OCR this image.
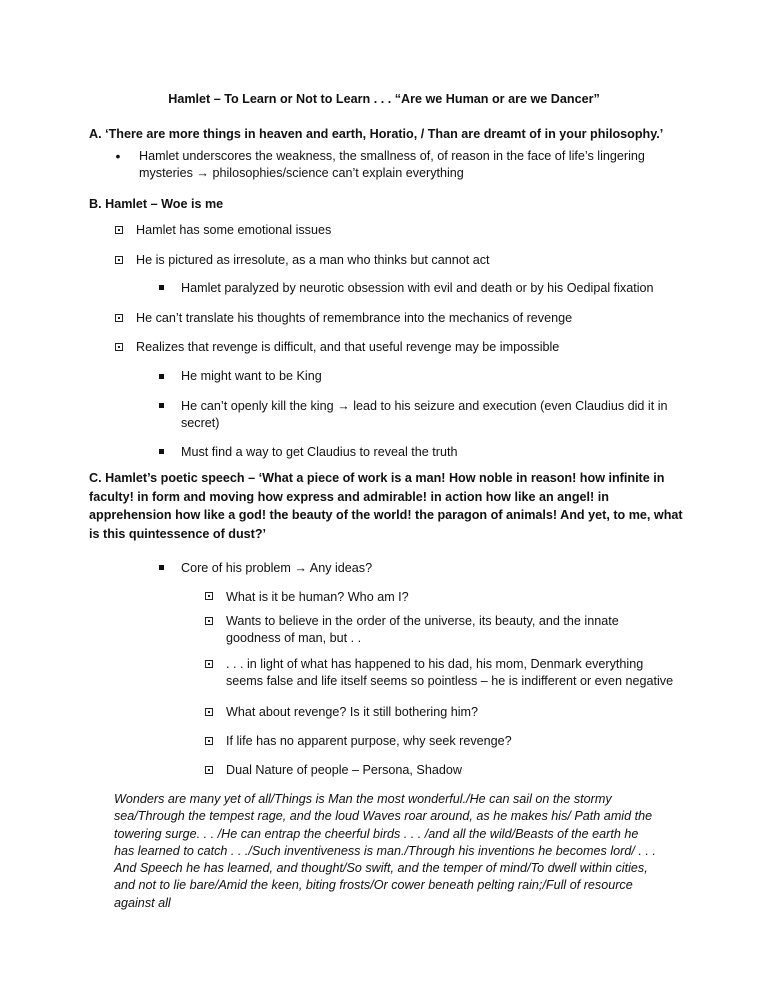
Hamlet – To Learn or Not to Learn . . . “Are we Human or are we Dancer”
A. ‘There are more things in heaven and earth, Horatio, / Than are dreamt of in your philosophy.’
• Hamlet underscores the weakness, the smallness of, of reason in the face of life’s lingering mysteries → philosophies/science can’t explain everything
B. Hamlet – Woe is me
Hamlet has some emotional issues
He is pictured as irresolute, as a man who thinks but cannot act
Hamlet paralyzed by neurotic obsession with evil and death or by his Oedipal fixation
He can’t translate his thoughts of remembrance into the mechanics of revenge
Realizes that revenge is difficult, and that useful revenge may be impossible
He might want to be King
He can’t openly kill the king → lead to his seizure and execution (even Claudius did it in secret)
Must find a way to get Claudius to reveal the truth
C. Hamlet’s poetic speech – ‘What a piece of work is a man! How noble in reason! how infinite in faculty! in form and moving how express and admirable! in action how like an angel! in apprehension how like a god! the beauty of the world! the paragon of animals! And yet, to me, what is this quintessence of dust?’
Core of his problem → Any ideas?
What is it be human? Who am I?
Wants to believe in the order of the universe, its beauty, and the innate goodness of man, but . .
. . . in light of what has happened to his dad, his mom, Denmark everything seems false and life itself seems so pointless – he is indifferent or even negative
What about revenge? Is it still bothering him?
If life has no apparent purpose, why seek revenge?
Dual Nature of people – Persona, Shadow
Wonders are many yet of all/Things is Man the most wonderful./He can sail on the stormy sea/Through the tempest rage, and the loud Waves roar around, as he makes his/ Path amid the towering surge. . . /He can entrap the cheerful birds . . . /and all the wild/Beasts of the earth he has learned to catch . . ./Such inventiveness is man./Through his inventions he becomes lord/ . . . And Speech he has learned, and thought/So swift, and the temper of mind/To dwell within cities, and not to lie bare/Amid the keen, biting frosts/Or cower beneath pelting rain;/Full of resource against all
